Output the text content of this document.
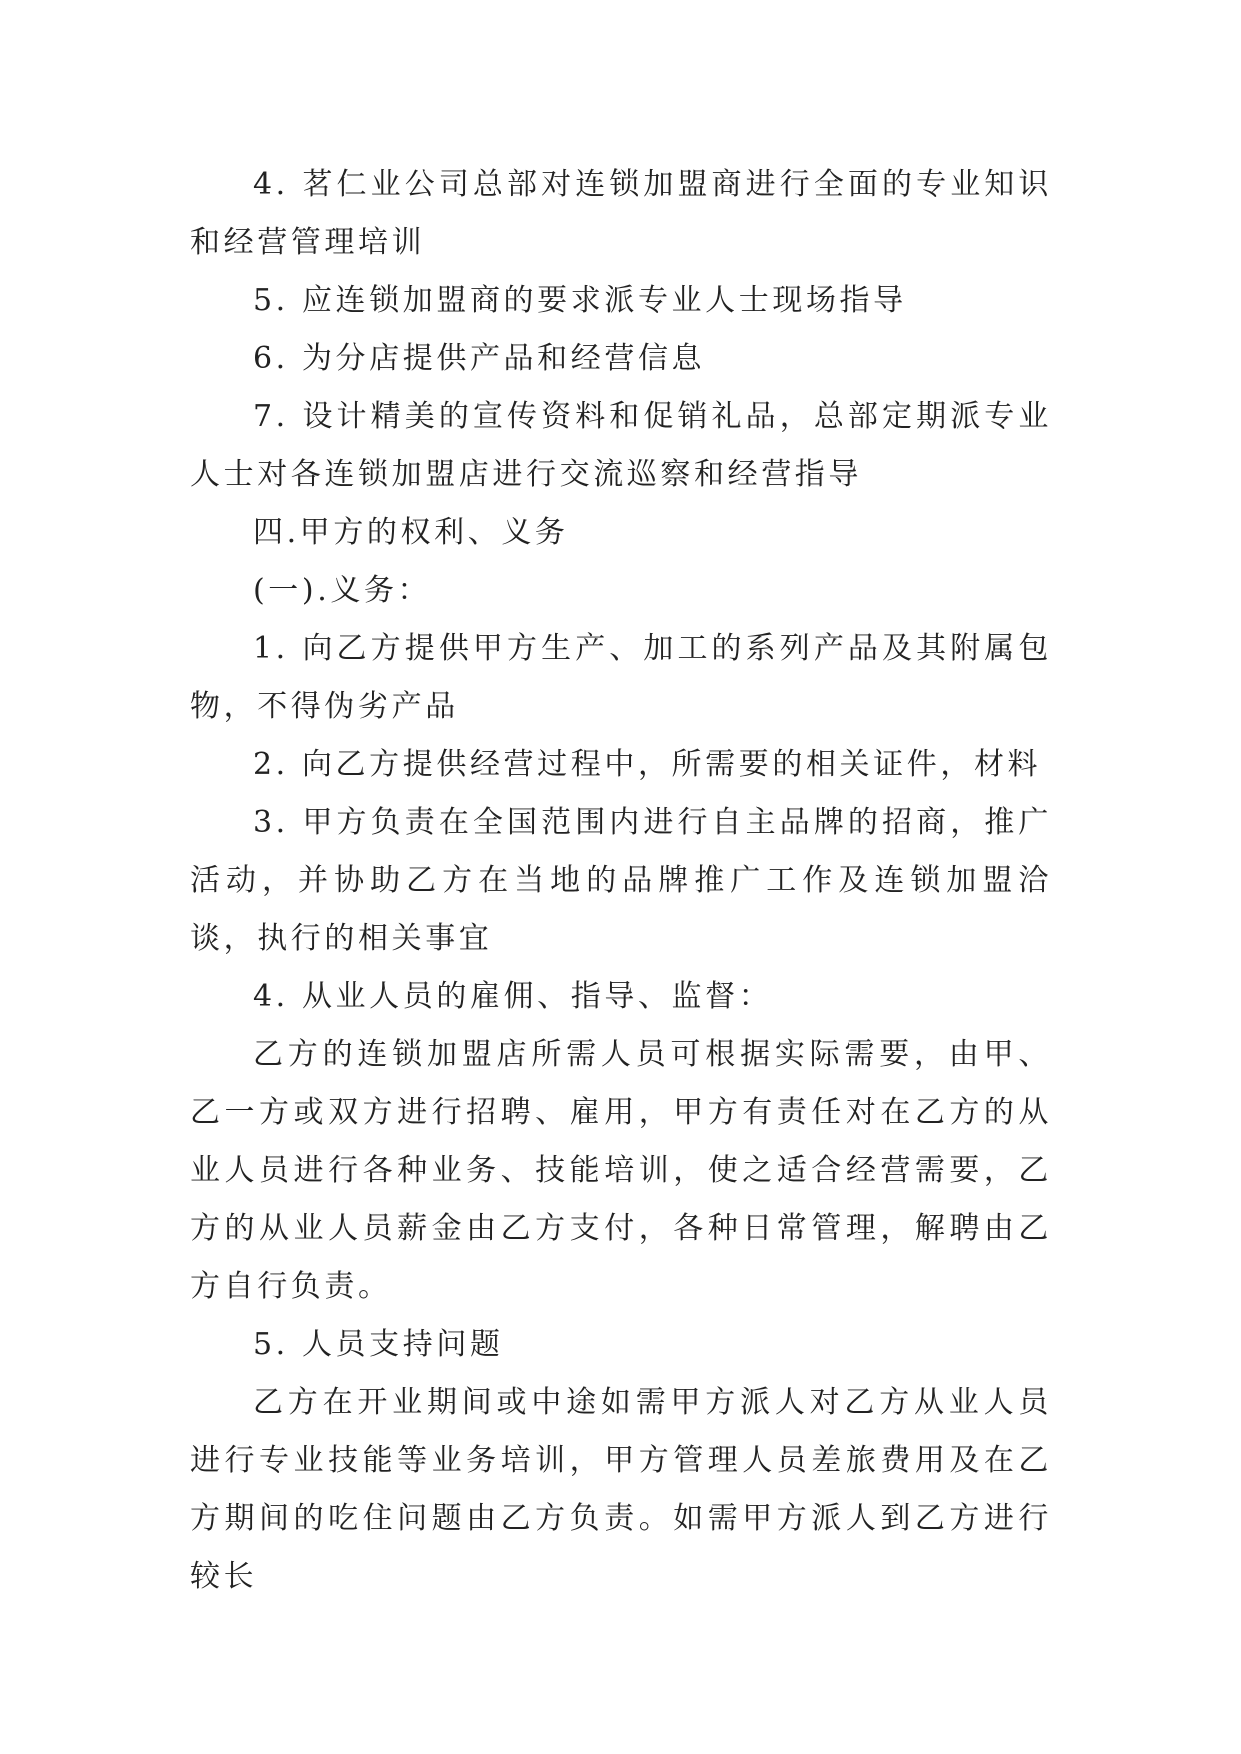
4. 茗仁业公司总部对连锁加盟商进行全面的专业知识和经营管理培训

5. 应连锁加盟商的要求派专业人士现场指导

6. 为分店提供产品和经营信息

7. 设计精美的宣传资料和促销礼品，总部定期派专业人士对各连锁加盟店进行交流巡察和经营指导

四.甲方的权利、义务

(一).义务：

1. 向乙方提供甲方生产、加工的系列产品及其附属包物，不得伪劣产品

2. 向乙方提供经营过程中，所需要的相关证件，材料

3. 甲方负责在全国范围内进行自主品牌的招商，推广活动，并协助乙方在当地的品牌推广工作及连锁加盟洽谈，执行的相关事宜

4. 从业人员的雇佣、指导、监督：

乙方的连锁加盟店所需人员可根据实际需要，由甲、乙一方或双方进行招聘、雇用，甲方有责任对在乙方的从业人员进行各种业务、技能培训，使之适合经营需要，乙方的从业人员薪金由乙方支付，各种日常管理，解聘由乙方自行负责。

5. 人员支持问题

乙方在开业期间或中途如需甲方派人对乙方从业人员进行专业技能等业务培训，甲方管理人员差旅费用及在乙方期间的吃住问题由乙方负责。如需甲方派人到乙方进行较长
